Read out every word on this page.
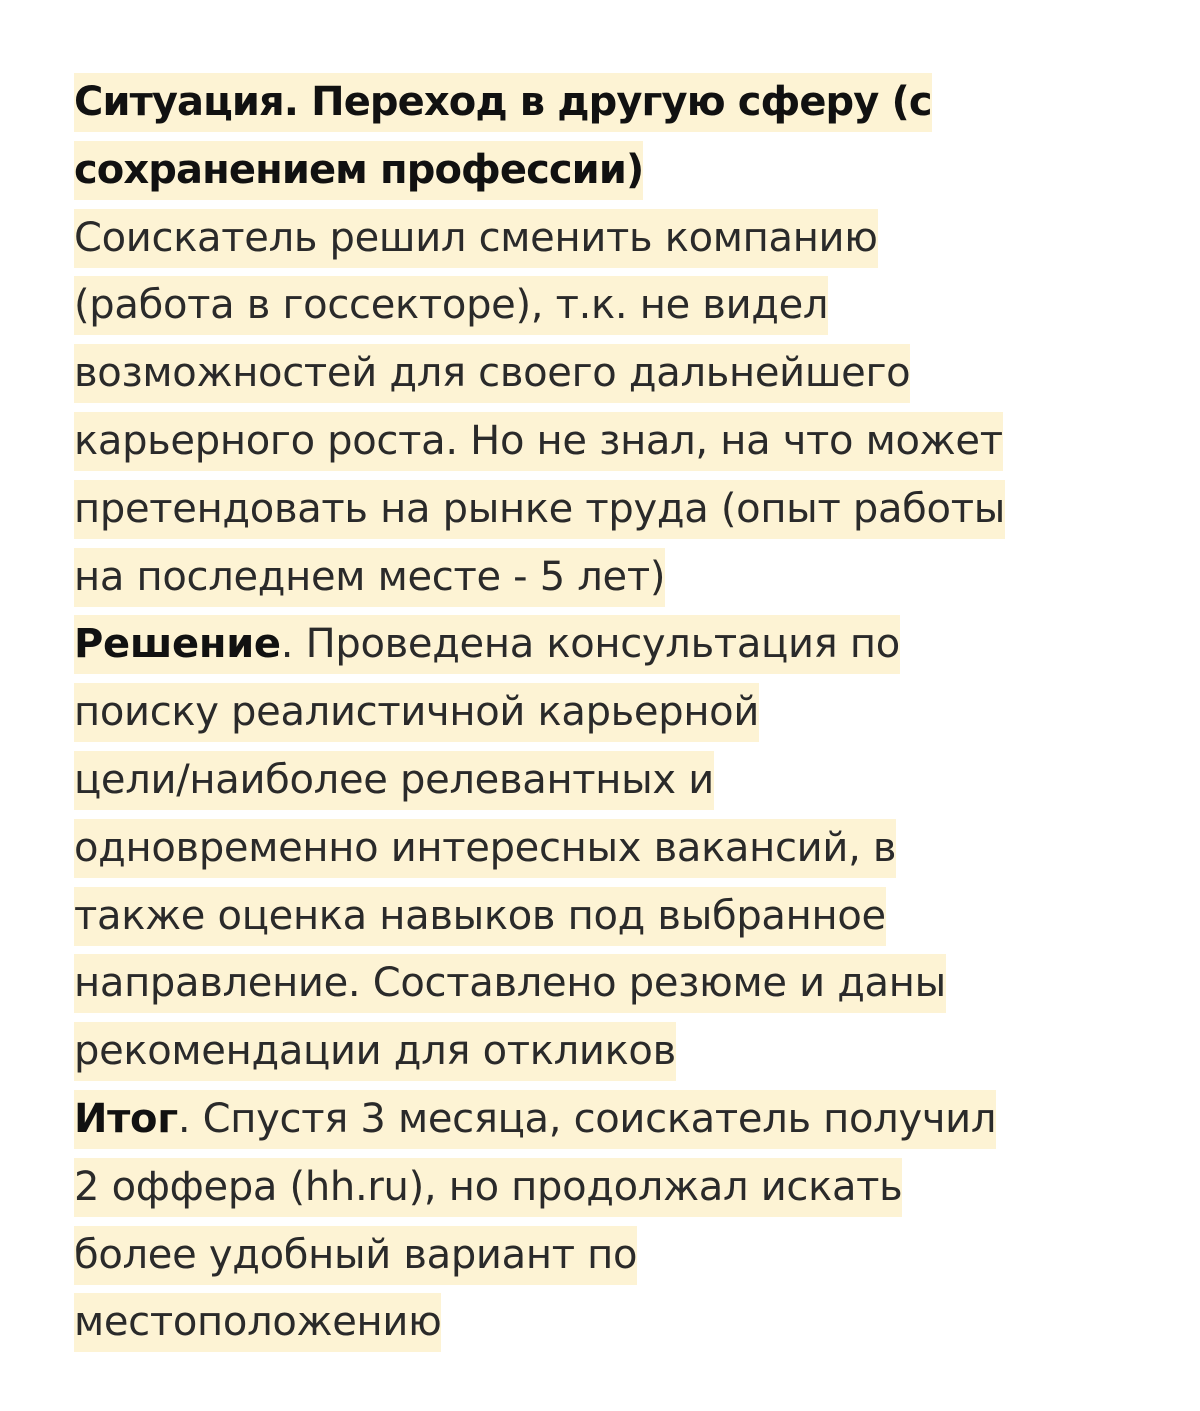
Ситуация. Переход в другую сферу (с
сохранением профессии)
Соискатель решил сменить компанию
(работа в госсекторе), т.к. не видел
возможностей для своего дальнейшего
карьерного роста. Но не знал, на что может
претендовать на рынке труда (опыт работы
на последнем месте - 5 лет)
Решение. Проведена консультация по
поиску реалистичной карьерной
цели/наиболее релевантных и
одновременно интересных вакансий, в
также оценка навыков под выбранное
направление. Составлено резюме и даны
рекомендации для откликов
Итог. Спустя 3 месяца, соискатель получил
2 оффера (hh.ru), но продолжал искать
более удобный вариант по
местоположению
